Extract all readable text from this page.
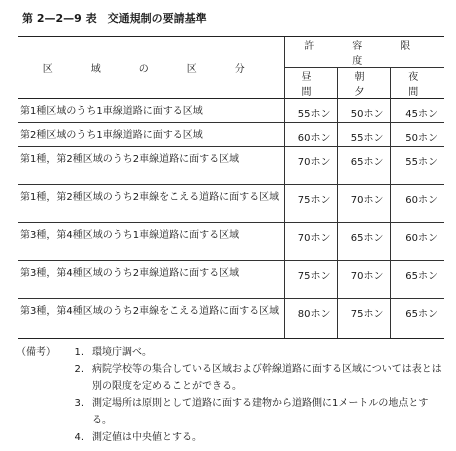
第 2—2—9 表　交通規制の要請基準
区　域　の　区　分	許　容　限　度		
	昼　間	朝　夕	夜　間
第1種区域のうち1車線道路に面する区域	55ホン	50ホン	45ホン
第2種区域のうち1車線道路に面する区域	60ホン	55ホン	50ホン
第1種，第2種区域のうち2車線道路に面する区域	70ホン	65ホン	55ホン
第1種，第2種区域のうち2車線をこえる道路に面する区域	75ホン	70ホン	60ホン
第3種，第4種区域のうち1車線道路に面する区域	70ホン	65ホン	60ホン
第3種，第4種区域のうち2車線道路に面する区域	75ホン	70ホン	65ホン
第3種，第4種区域のうち2車線をこえる道路に面する区域	80ホン	75ホン	65ホン
（備考）	1. 環境庁調べ。
2. 病院学校等の集合している区域および幹線道路に面する区域については表とは別の限度を定めることができる。
3. 測定場所は原則として道路に面する建物から道路側に1メートルの地点とする。
4. 測定値は中央値とする。
